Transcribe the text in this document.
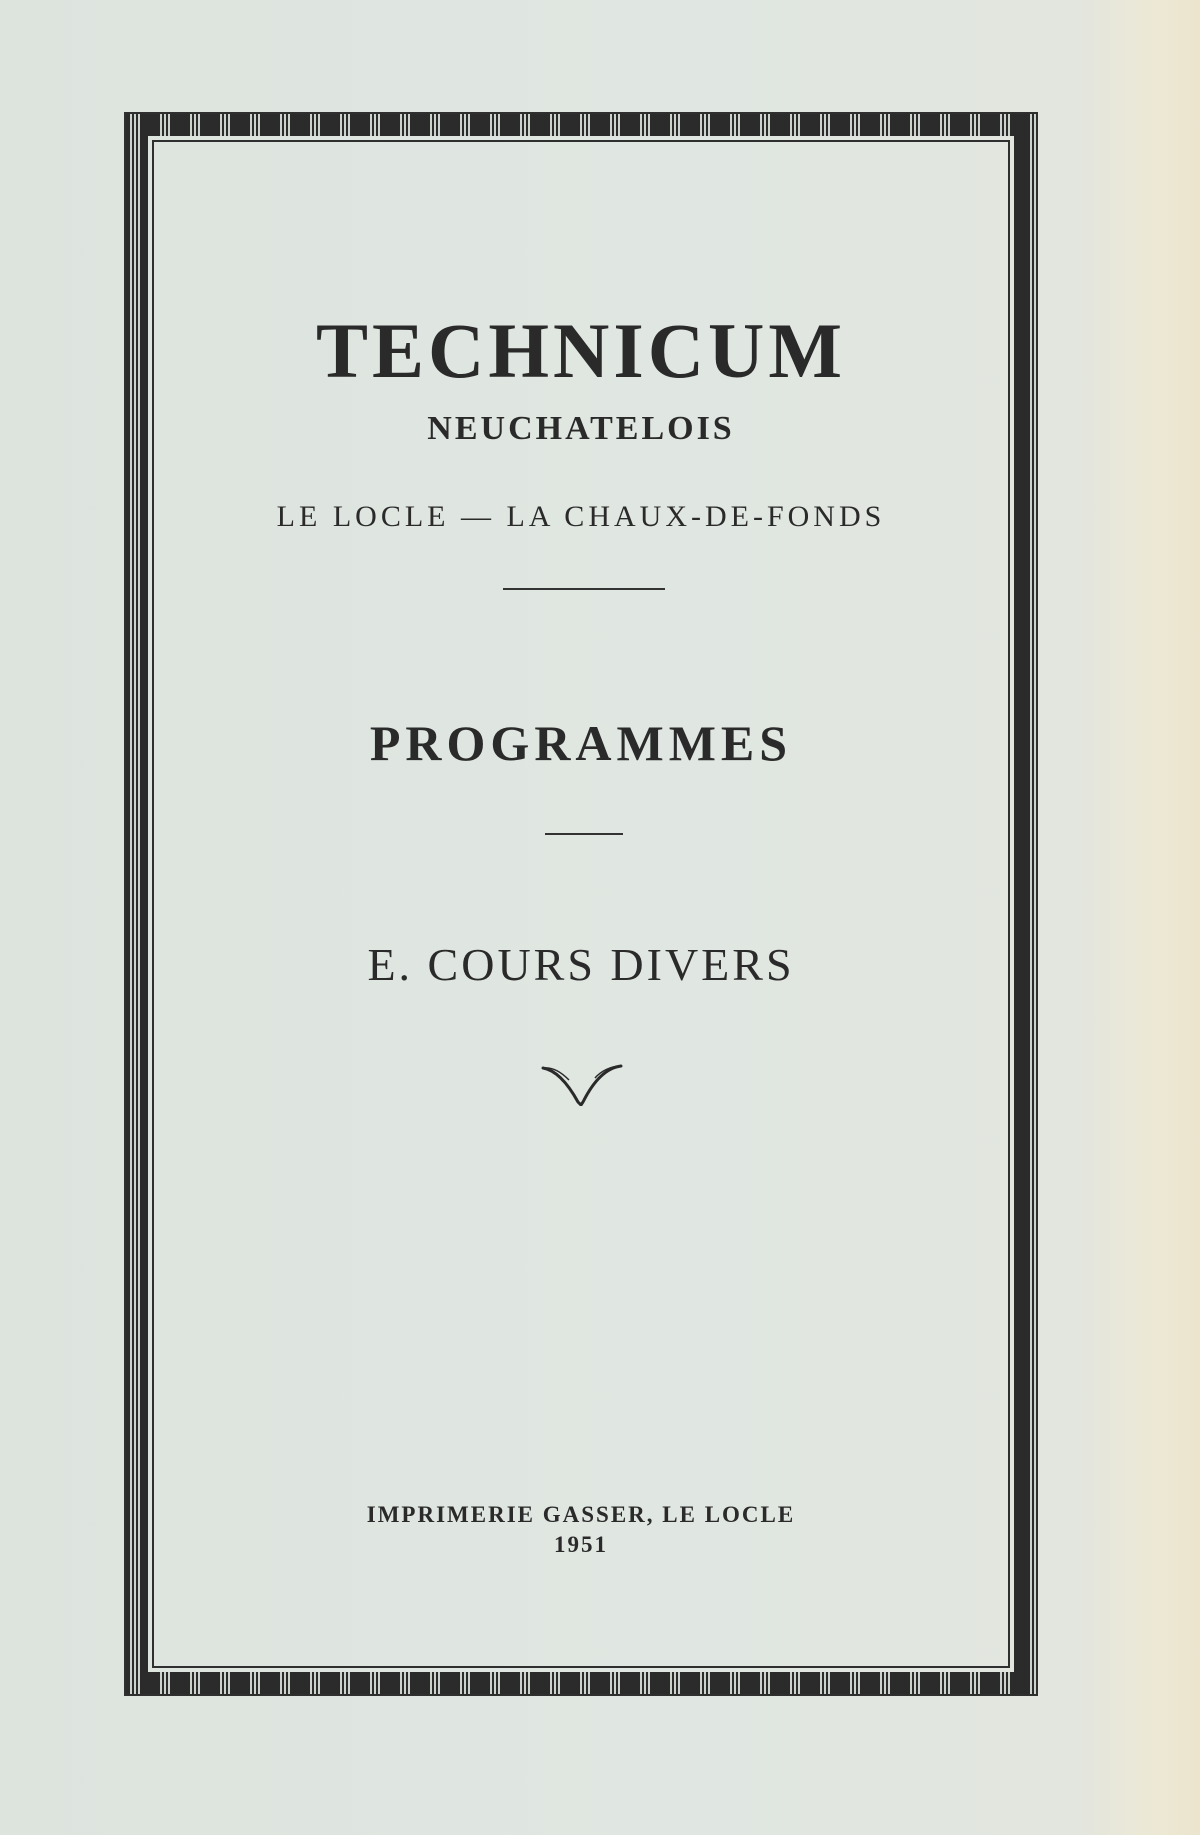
TECHNICUM
NEUCHATELOIS
LE LOCLE — LA CHAUX-DE-FONDS
PROGRAMMES
E. COURS DIVERS
IMPRIMERIE GASSER, LE LOCLE
1951
